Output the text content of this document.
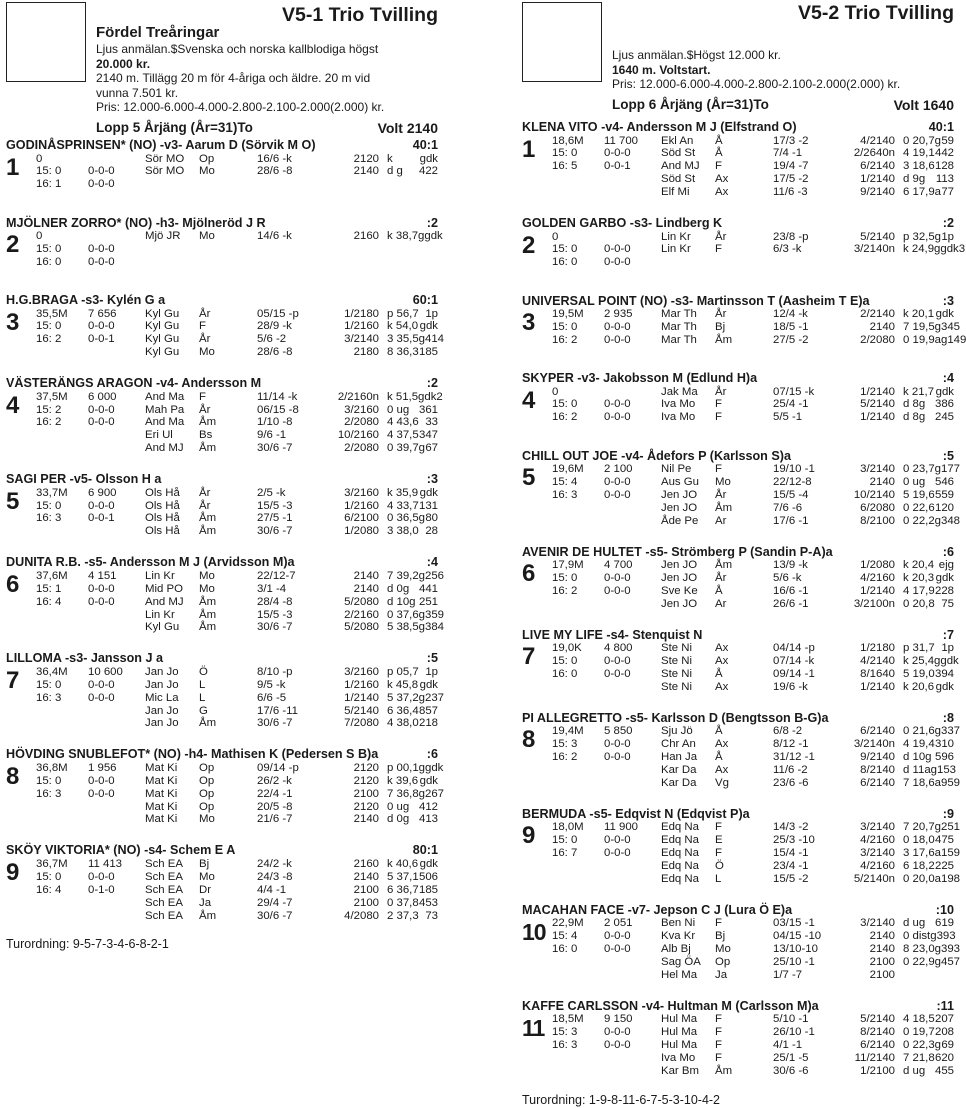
V5-1 Trio Tvilling
Fördel Treåringar
Ljus anmälan.$Svenska och norska kallblodiga högst
20.000 kr.
2140 m. Tillägg 20 m för 4-åriga och äldre. 20 m vid
vunna 7.501 kr.
Pris: 12.000-6.000-4.000-2.800-2.100-2.000(2.000) kr.
Lopp 5 Årjäng (År=31)To	Volt 2140
GODINÅSPRINSEN* (NO) -v3- Aarum D (Sörvik M O)	40:1
1 0	Sör MO	Op	16/6 -k	2120 k gdk
15: 0	0-0-0	Sör MO	Mo	28/6 -8	2140 d g 422
16: 1	0-0-0
MJÖLNER ZORRO* (NO) -h3- Mjölneröd J R	:2
2 0	Mjö JR	Mo	14/6 -k	2160 k 38,7g gdk
15: 0	0-0-0
16: 0	0-0-0
H.G.BRAGA -s3- Kylén G a	60:1
3 35,5M	7 656	Kyl Gu	År	05/15 -p	1/2180 p 56,7 1p
15: 0	0-0-0	Kyl Gu	F	28/9 -k	1/2160 k 54,0 gdk
16: 2	0-0-1	Kyl Gu	År	5/6 -2	3/2140 3 35,5g 414
Kyl Gu	Mo	28/6 -8	2180 8 36,3 185
VÄSTERÄNGS ARAGON -v4- Andersson M	:2
4 37,5M	6 000	And Ma	F	11/14 -k	2/2160n k 51,5 gdk2
15: 2	0-0-0	Mah Pa	År	06/15 -8	3/2160 0 ug 361
16: 2	0-0-0	And Ma	Åm	1/10 -8	2/2080 4 43,6 33
Eri Ul	Bs	9/6 -1	10/2160 4 37,5 347
And MJ	Åm	30/6 -7	2/2080 0 39,7g 67
SAGI PER -v5- Olsson H a	:3
5 33,7M	6 900	Ols Hå	År	2/5 -k	3/2160 k 35,9 gdk
15: 0	0-0-0	Ols Hå	År	15/5 -3	1/2160 4 33,7 131
16: 3	0-0-1	Ols Hå	Åm	27/5 -1	6/2100 0 36,5g 80
Ols Hå	Åm	30/6 -7	1/2080 3 38,0 28
DUNITA R.B. -s5- Andersson M J (Arvidsson M)a	:4
6 37,6M	4 151	Lin Kr	Mo	22/12-7	2140 7 39,2g 256
15: 1	0-0-0	Mid PO	Mo	3/1 -4	2140 d 0g 441
16: 4	0-0-0	And MJ	Åm	28/4 -8	5/2080 d 10g 251
Lin Kr	Åm	15/5 -3	2/2160 0 37,6g 359
Kyl Gu	Åm	30/6 -7	5/2080 5 38,5g 384
LILLOMA -s3- Jansson J a	:5
7 36,4M	10 600	Jan Jo	Ö	8/10 -p	3/2160 p 05,7 1p
15: 0	0-0-0	Jan Jo	L	9/5 -k	1/2160 k 45,8 gdk
16: 3	0-0-0	Mic La	L	6/6 -5	1/2140 5 37,2g 237
Jan Jo	G	17/6 -11	5/2140 6 36,4 857
Jan Jo	Åm	30/6 -7	7/2080 4 38,0 218
HÖVDING SNUBLEFOT* (NO) -h4- Mathisen K (Pedersen S B)a	:6
8 36,8M	1 956	Mat Ki	Op	09/14 -p	2120 p 00,1g gdk
15: 0	0-0-0	Mat Ki	Op	26/2 -k	2120 k 39,6 gdk
16: 3	0-0-0	Mat Ki	Op	22/4 -1	2100 7 36,8g 267
Mat Ki	Op	20/5 -8	2120 0 ug 412
Mat Ki	Mo	21/6 -7	2140 d 0g 413
SKÖY VIKTORIA* (NO) -s4- Schem E A	80:1
9 36,7M	11 413	Sch EA	Bj	24/2 -k	2160 k 40,6 gdk
15: 0	0-0-0	Sch EA	Mo	24/3 -8	2140 5 37,1 506
16: 4	0-1-0	Sch EA	Dr	4/4 -1	2100 6 36,7 185
Sch EA	Ja	29/4 -7	2100 0 37,8 453
Sch EA	Åm	30/6 -7	4/2080 2 37,3 73
Turordning: 9-5-7-3-4-6-8-2-1
V5-2 Trio Tvilling
Ljus anmälan.$Högst 12.000 kr.
1640 m. Voltstart.
Pris: 12.000-6.000-4.000-2.800-2.100-2.000(2.000) kr.
Lopp 6 Årjäng (År=31)To	Volt 1640
KLENA VITO -v4- Andersson M J (Elfstrand O)	40:1
1 18,6M	11 700	Ekl An	Å	17/3 -2	4/2140 0 20,7g 59
15: 0	0-0-0	Söd St	Å	7/4 -1	2/2640n 4 19,1 442
16: 5	0-0-1	And MJ	F	19/4 -7	6/2140 3 18,6 128
Söd St	Ax	17/5 -2	1/2140 d 9g 113
Elf Mi	Ax	11/6 -3	9/2140 6 17,9a 77
GOLDEN GARBO -s3- Lindberg K	:2
2 0	Lin Kr	År	23/8 -p	5/2140 p 32,5g 1p
15: 0	0-0-0	Lin Kr	F	6/3 -k	3/2140n k 24,9g gdk3
16: 0	0-0-0
UNIVERSAL POINT (NO) -s3- Martinsson T (Aasheim T E)a	:3
3 19,5M	2 935	Mar Th	År	12/4 -k	2/2140 k 20,1 gdk
15: 0	0-0-0	Mar Th	Bj	18/5 -1	2140 7 19,5g 345
16: 2	0-0-0	Mar Th	Åm	27/5 -2	2/2080 0 19,9ag 149
SKYPER -v3- Jakobsson M (Edlund H)a	:4
4 0	Jak Ma	År	07/15 -k	1/2140 k 21,7 gdk
15: 0	0-0-0	Iva Mo	F	25/4 -1	5/2140 d 8g 386
16: 2	0-0-0	Iva Mo	F	5/5 -1	1/2140 d 8g 245
CHILL OUT JOE -v4- Ådefors P (Karlsson S)a	:5
5 19,6M	2 100	Nil Pe	F	19/10 -1	3/2140 0 23,7g 177
15: 4	0-0-0	Aus Gu	Mo	22/12-8	2140 0 ug 546
16: 3	0-0-0	Jen JO	År	15/5 -4	10/2140 5 19,6 559
Jen JO	Åm	7/6 -6	6/2080 0 22,6 120
Åde Pe	Ar	17/6 -1	8/2100 0 22,2g 348
AVENIR DE HULTET -s5- Strömberg P (Sandin P-A)a	:6
6 17,9M	4 700	Jen JO	Åm	13/9 -k	1/2080 k 20,4 ejg
15: 0	0-0-0	Jen JO	År	5/6 -k	4/2160 k 20,3 gdk
16: 2	0-0-0	Sve Ke	Å	16/6 -1	1/2140 4 17,9 228
Jen JO	Ar	26/6 -1	3/2100n 0 20,8 75
LIVE MY LIFE -s4- Stenquist N	:7
7 19,0K	4 800	Ste Ni	Ax	04/14 -p	1/2180 p 31,7 1p
15: 0	0-0-0	Ste Ni	Ax	07/14 -k	4/2140 k 25,4g gdk
16: 0	0-0-0	Ste Ni	Å	09/14 -1	8/1640 5 19,0 394
Ste Ni	Ax	19/6 -k	1/2140 k 20,6 gdk
PI ALLEGRETTO -s5- Karlsson D (Bengtsson B-G)a	:8
8 19,4M	5 850	Sju Jö	Å	6/8 -2	6/2140 0 21,6g 337
15: 3	0-0-0	Chr An	Ax	8/12 -1	3/2140n 4 19,4 310
16: 2	0-0-0	Han Ja	Å	31/12 -1	9/2140 d 10g 596
Kar Da	Ax	11/6 -2	8/2140 d 11ag 153
Kar Da	Vg	23/6 -6	6/2140 7 18,6a 959
BERMUDA -s5- Edqvist N (Edqvist P)a	:9
9 18,0M	11 900	Edq Na	F	14/3 -2	3/2140 7 20,7g 251
15: 0	0-0-0	Edq Na	E	25/3 -10	4/2160 0 18,0 475
16: 7	0-0-0	Edq Na	F	15/4 -1	3/2140 3 17,6a 159
Edq Na	Ö	23/4 -1	4/2160 6 18,2 225
Edq Na	L	15/5 -2	5/2140n 0 20,0a 198
MACAHAN FACE -v7- Jepson C J (Lura Ö E)a	:10
10 22,9M	2 051	Ben Ni	F	03/15 -1	3/2140 d ug 619
15: 4	0-0-0	Kva Kr	Bj	04/15 -10	2140 0 distg 393
16: 0	0-0-0	Alb Bj	Mo	13/10-10	2140 8 23,0g 393
Sag ÖA	Op	25/10 -1	2100 0 22,9g 457
Hel Ma	Ja	1/7 -7	2100
KAFFE CARLSSON -v4- Hultman M (Carlsson M)a	:11
11 18,5M	9 150	Hul Ma	F	5/10 -1	5/2140 4 18,5 207
15: 3	0-0-0	Hul Ma	F	26/10 -1	8/2140 0 19,7 208
16: 3	0-0-0	Hul Ma	F	4/1 -1	6/2140 0 22,3g 69
Iva Mo	F	25/1 -5	11/2140 7 21,8 620
Kar Bm	Åm	30/6 -6	1/2100 d ug 455
Turordning: 1-9-8-11-6-7-5-3-10-4-2
